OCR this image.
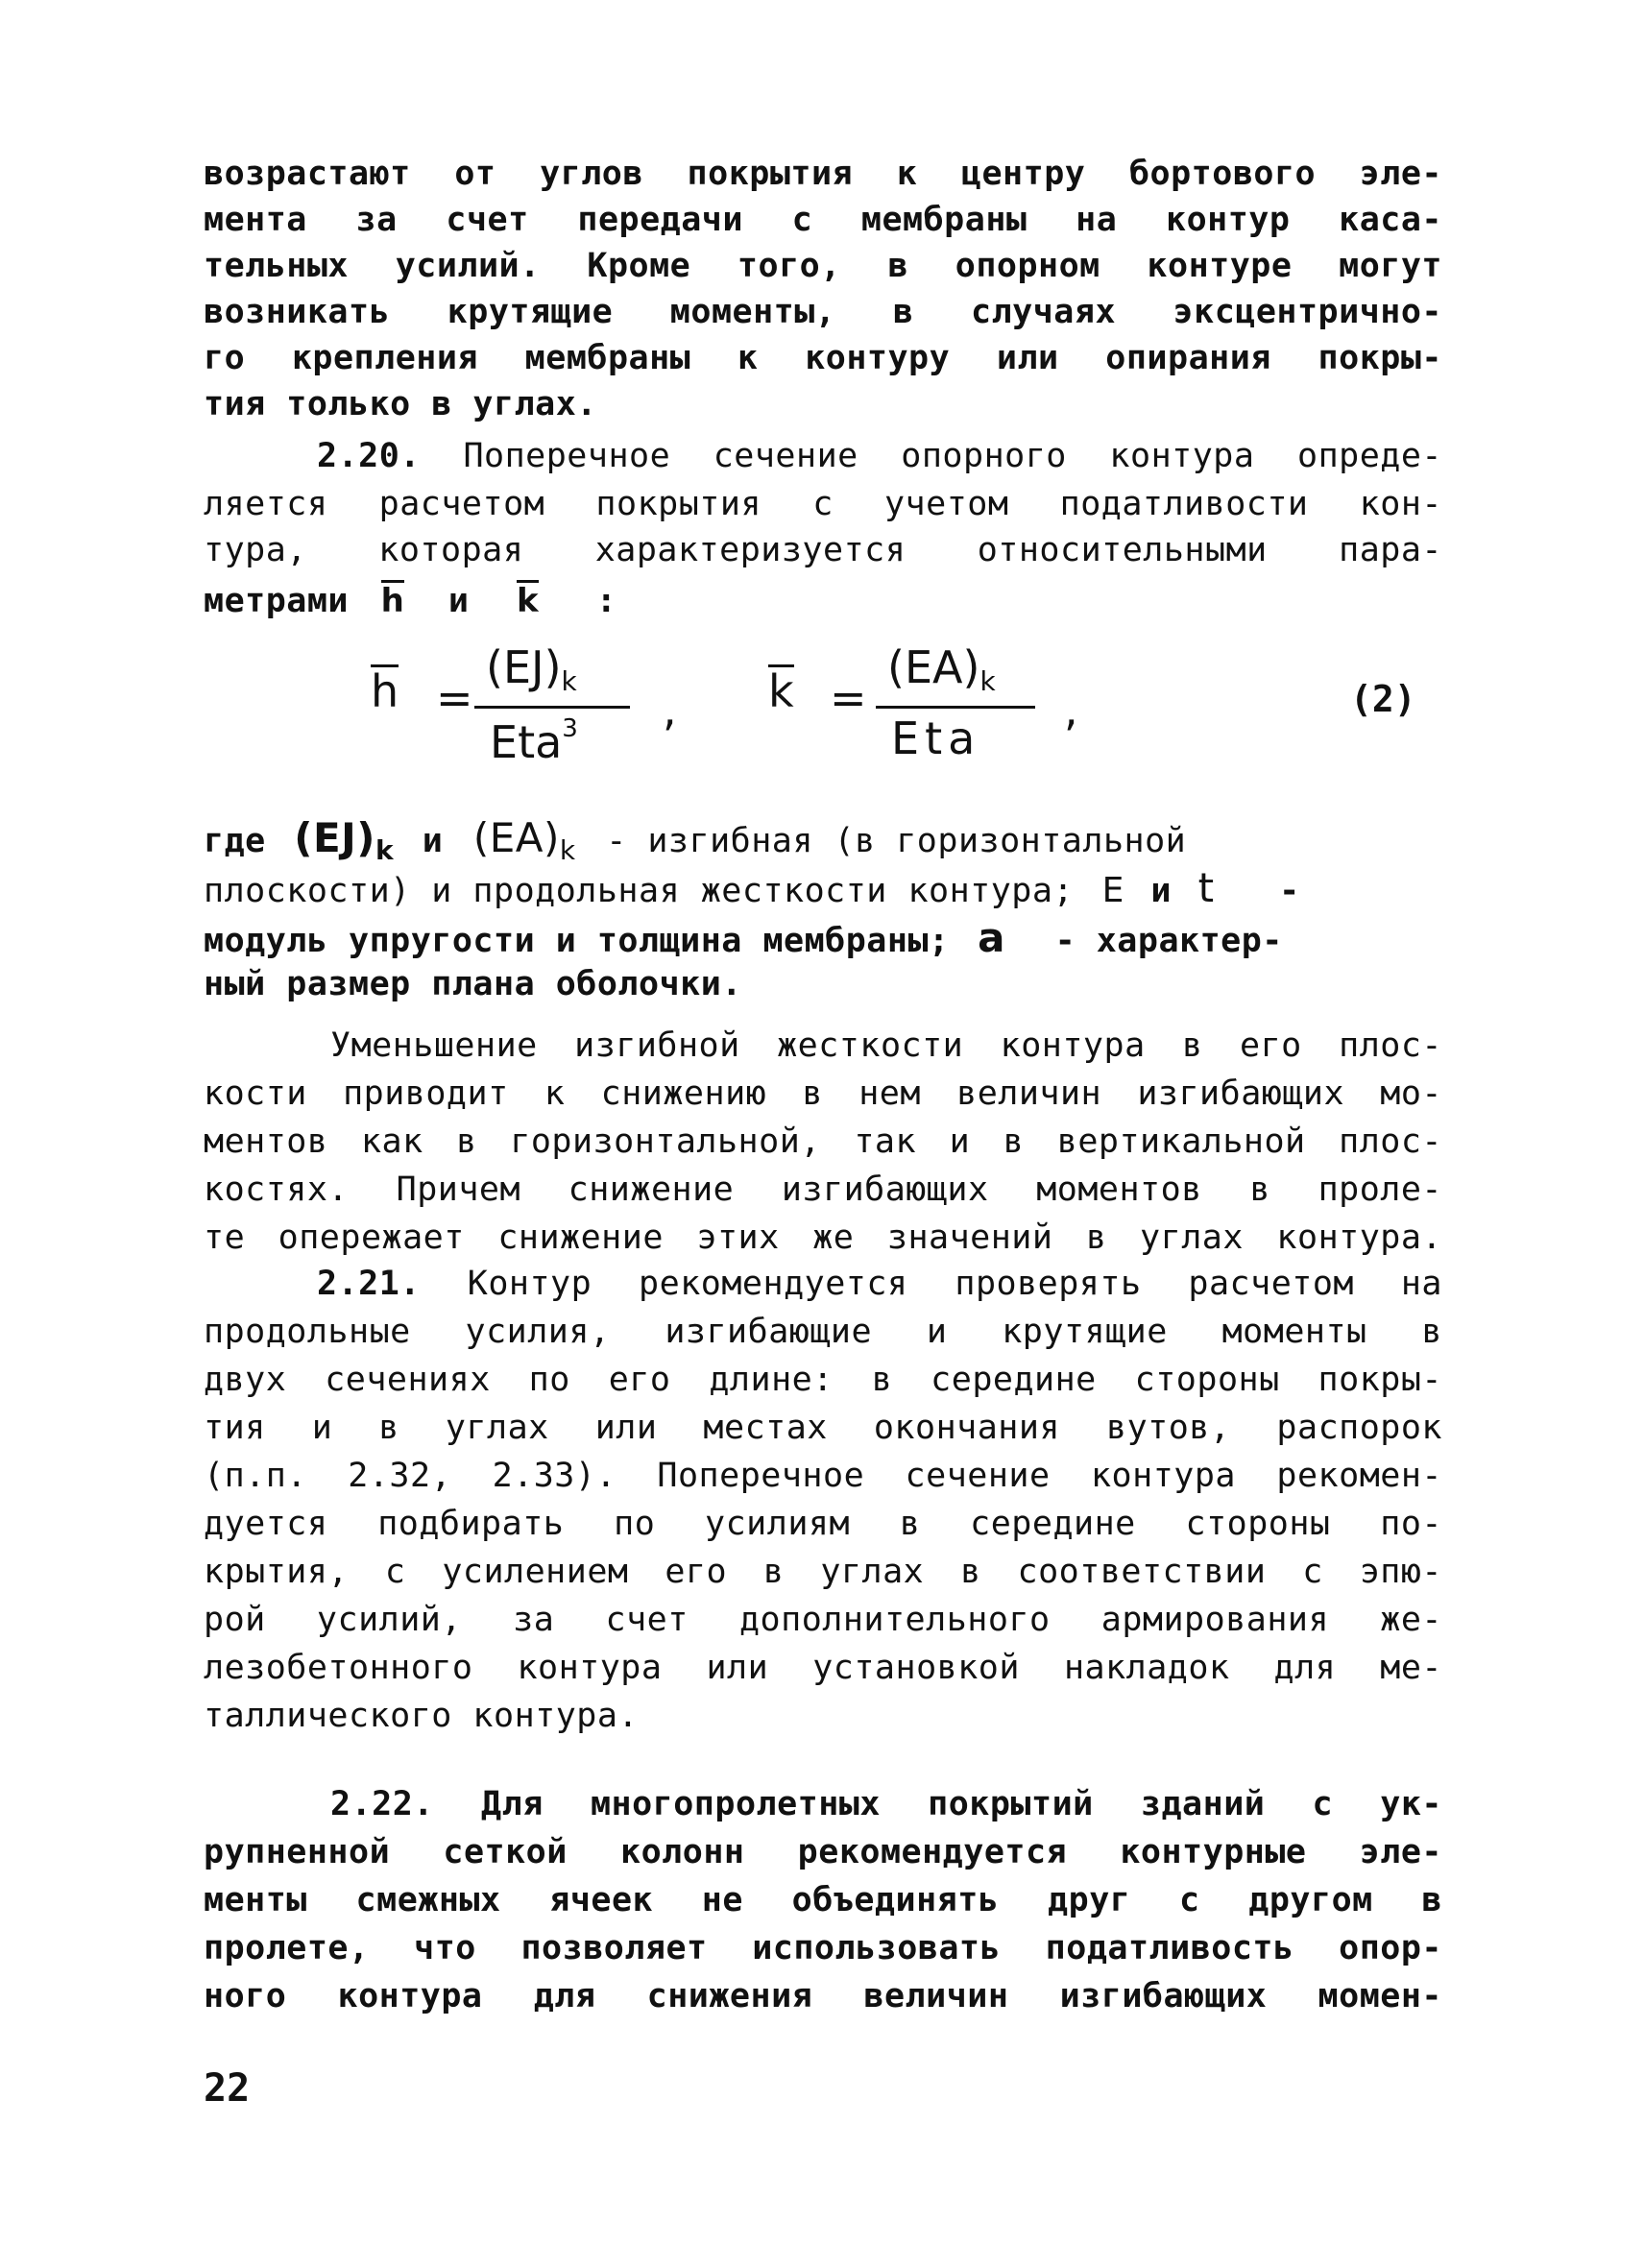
возрастают от углов покрытия к центру бортового эле-
мента за счет передачи с мембраны на контур каса-
тельных усилий. Кроме того, в опорном контуре могут
возникать крутящие моменты, в случаях эксцентрично-
го крепления мембраны к контуру или опирания покры-
тия только в углах.
2.20. Поперечное сечение опорного контура опреде-
ляется расчетом покрытия с учетом податливости кон-
тура, которая характеризуется относительными пара-
метрами h и k :
h =
$(EJ)_k$
Eta$^3$ , k =
$(EA)_k$
Eta
,	(2)
где $(EJ)_k$ и $(EA)_k$ - изгибная (в горизонтальной
плоскости) и продольная жесткости контура; E и t -
модуль упругости и толщина мембраны; a - характер-
ный размер плана оболочки.
Уменьшение изгибной жесткости контура в его плос-
кости приводит к снижению в нем величин изгибающих мо-
ментов как в горизонтальной, так и в вертикальной плос-
костях. Причем снижение изгибающих моментов в проле-
те опережает снижение этих же значений в углах контура.
2.21. Контур рекомендуется проверять расчетом на
продольные усилия, изгибающие и крутящие моменты в
двух сечениях по его длине: в середине стороны покры-
тия и в углах или местах окончания вутов, распорок
(п.п. 2.32, 2.33). Поперечное сечение контура рекомен-
дуется подбирать по усилиям в середине стороны по-
крытия, с усилением его в углах в соответствии с эпю-
рой усилий, за счет дополнительного армирования же-
лезобетонного контура или установкой накладок для ме-
таллического контура.
2.22. Для многопролетных покрытий зданий с ук-
рупненной сеткой колонн рекомендуется контурные эле-
менты смежных ячеек не объединять друг с другом в
пролете, что позволяет использовать податливость опор-
ного контура для снижения величин изгибающих момен-
22
